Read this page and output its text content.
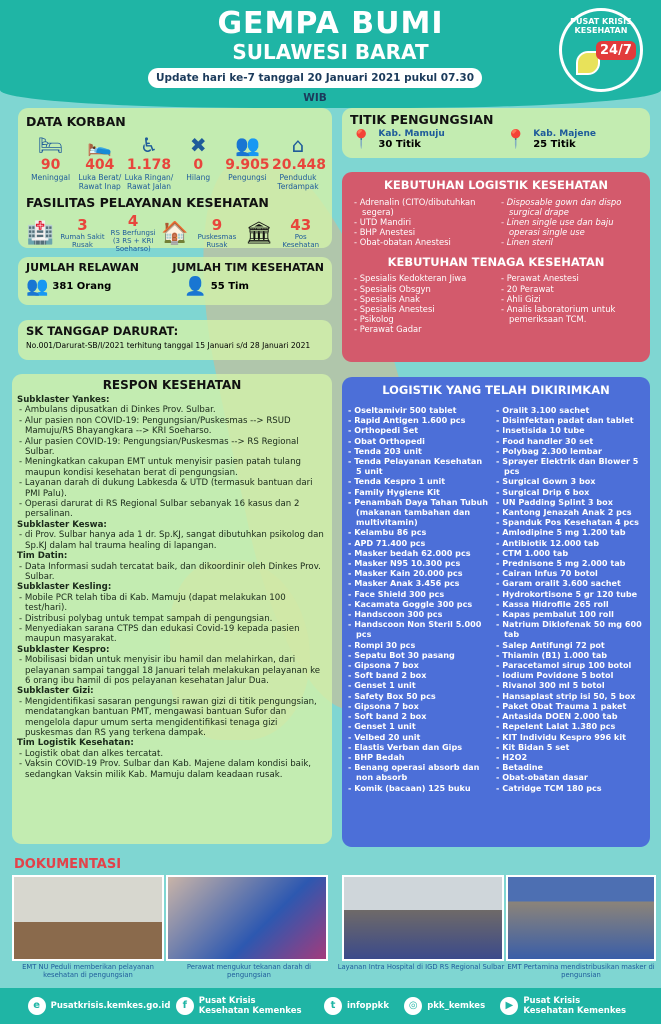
GEMPA BUMI
SULAWESI BARAT
Update hari ke-7 tanggal 20 Januari 2021 pukul 07.30 WIB
PUSAT KRISIS KESEHATAN
24/7
DATA KORBAN
🛏
90
Meninggal
🛌
404
Luka Berat/ Rawat Inap
♿
1.178
Luka Ringan/ Rawat Jalan
✖
0
Hilang
👥
9.905
Pengungsi
⌂
20.448
Penduduk Terdampak
FASILITAS PELAYANAN KESEHATAN
🏥	3
Rumah Sakit Rusak
4
RS Berfungsi (3 RS + KRI Soeharso)
🏠	9
Puskesmas Rusak 🏛	43
Pos Kesehatan
JUMLAH RELAWAN
👥 381 Orang
JUMLAH TIM KESEHATAN
👤 55 Tim
SK TANGGAP DARURAT:
No.001/Darurat-SB/I/2021 terhitung tanggal 15 Januari s/d 28 Januari 2021
TITIK PENGUNGSIAN
📍 Kab. Mamuju
30 Titik	📍 Kab. Majene
25 Titik
KEBUTUHAN LOGISTIK KESEHATAN
- Adrenalin (CITO/dibutuhkan segera)
- UTD Mandiri
- BHP Anestesi
- Obat-obatan Anestesi
- Disposable gown dan dispo surgical drape
- Linen single use dan baju operasi single use
- Linen steril
KEBUTUHAN TENAGA KESEHATAN
- Spesialis Kedokteran Jiwa
- Spesialis Obsgyn
- Spesialis Anak
- Spesialis Anestesi
- Psikolog
- Perawat Gadar
- Perawat Anestesi
- 20 Perawat
- Ahli Gizi
- Analis laboratorium untuk pemeriksaan TCM.
RESPON KESEHATAN
Subklaster Yankes:
- Ambulans dipusatkan di Dinkes Prov. Sulbar.
- Alur pasien non COVID-19: Pengungsian/Puskesmas --> RSUD Mamuju/RS Bhayangkara --> KRI Soeharso.
- Alur pasien COVID-19: Pengungsian/Puskesmas --> RS Regional Sulbar.
- Meningkatkan cakupan EMT untuk menyisir pasien patah tulang maupun kondisi kesehatan berat di pengungsian.
- Layanan darah di dukung Labkesda & UTD (termasuk bantuan dari PMI Palu).
- Operasi darurat di RS Regional Sulbar sebanyak 16 kasus dan 2 persalinan.
Subklaster Keswa:
- di Prov. Sulbar hanya ada 1 dr. Sp.KJ, sangat dibutuhkan psikolog dan Sp.KJ dalam hal trauma healing di lapangan.
Tim Datin:
- Data Informasi sudah tercatat baik, dan dikoordinir oleh Dinkes Prov. Sulbar.
Subklaster Kesling:
- Mobile PCR telah tiba di Kab. Mamuju (dapat melakukan 100 test/hari).
- Distribusi polybag untuk tempat sampah di pengungsian.
- Menyediakan sarana CTPS dan edukasi Covid-19 kepada pasien maupun masyarakat.
Subklaster Kespro:
- Mobilisasi bidan untuk menyisir ibu hamil dan melahirkan, dari pelayanan sampai tanggal 18 Januari telah melakukan pelayanan ke 6 orang ibu hamil di pos pelayanan kesehatan Jalur Dua.
Subklaster Gizi:
- Mengidentifikasi sasaran pengungsi rawan gizi di titik pengungsian, mendatangkan bantuan PMT, mengawasi bantuan Sufor dan mengelola dapur umum serta mengidentifikasi tenaga gizi puskesmas dan RS yang terkena dampak.
Tim Logistik Kesehatan:
- Logistik obat dan alkes tercatat.
- Vaksin COVID-19 Prov. Sulbar dan Kab. Majene dalam kondisi baik, sedangkan Vaksin milik Kab. Mamuju dalam keadaan rusak.
LOGISTIK YANG TELAH DIKIRIMKAN
- Oseltamivir 500 tablet
- Rapid Antigen 1.600 pcs
- Orthopedi Set
- Obat Orthopedi
- Tenda 203 unit
- Tenda Pelayanan Kesehatan 5 unit
- Tenda Kespro 1 unit
- Family Hygiene Kit
- Penambah Daya Tahan Tubuh (makanan tambahan dan multivitamin)
- Kelambu 86 pcs
- APD 71.400 pcs
- Masker bedah 62.000 pcs
- Masker N95 10.300 pcs
- Masker Kain 20.000 pcs
- Masker Anak 3.456 pcs
- Face Shield 300 pcs
- Kacamata Goggle 300 pcs
- Handscoon 300 pcs
- Handscoon Non Steril 5.000 pcs
- Rompi 30 pcs
- Sepatu Bot 30 pasang
- Gipsona 7 box
- Soft band 2 box
- Genset 1 unit
- Safety Box 50 pcs
- Gipsona 7 box
- Soft band 2 box
- Genset 1 unit
- Velbed 20 unit
- Elastis Verban dan Gips
- BHP Bedah
- Benang operasi absorb dan non absorb
- Komik (bacaan) 125 buku
- Oralit 3.100 sachet
- Disinfektan padat dan tablet
- Insetisida 10 tube
- Food handler 30 set
- Polybag 2.300 lembar
- Sprayer Elektrik dan Blower 5 pcs
- Surgical Gown 3 box
- Surgical Drip 6 box
- UN Padding Splint 3 box
- Kantong Jenazah Anak 2 pcs
- Spanduk Pos Kesehatan 4 pcs
- Amlodipine 5 mg 1.200 tab
- Antibiotik 12.000 tab
- CTM 1.000 tab
- Prednisone 5 mg 2.000 tab
- Cairan Infus 70 botol
- Garam oralit 3.600 sachet
- Hydrokortisone 5 gr 120 tube
- Kassa Hidrofile 265 roll
- Kapas pembalut 100 roll
- Natrium Diklofenak 50 mg 600 tab
- Salep Antifungi 72 pot
- Thiamin (B1) 1.000 tab
- Paracetamol sirup 100 botol
- Iodium Povidone 5 botol
- Rivanol 300 ml 5 botol
- Hansaplast strip isi 50, 5 box
- Paket Obat Trauma 1 paket
- Antasida DOEN 2.000 tab
- Repelent Lalat 1.380 pcs
- KIT Individu Kespro 996 kit
- Kit Bidan 5 set
- H2O2
- Betadine
- Obat-obatan dasar
- Catridge TCM 180 pcs
DOKUMENTASI
EMT NU Peduli memberikan pelayanan kesehatan di pengungsian
Perawat mengukur tekanan darah di pengungsian
Layanan Intra Hospital di IGD RS Regional Sulbar EMT Pertamina mendistribusikan masker di pengunsian
e	Pusatkrisis.kemkes.go.id	f	Pusat Krisis Kesehatan Kemenkes	t	infoppkk	◎	pkk_kemkes	▶	Pusat Krisis Kesehatan Kemenkes
